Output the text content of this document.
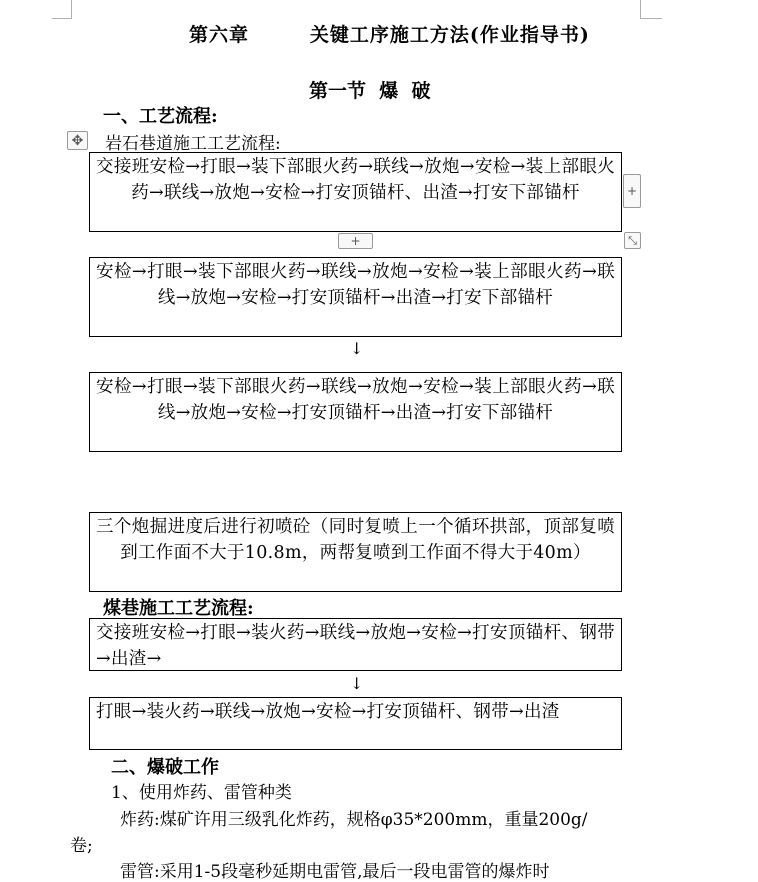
第六章        关键工序施工方法(作业指导书)
第一节  爆  破
一、工艺流程:
✥ 岩石巷道施工工艺流程:
交接班安检→打眼→装下部眼火药→联线→放炮→安检→装上部眼火药→联线→放炮→安检→打安顶锚杆、出渣→打安下部锚杆	+
+	⤡
安检→打眼→装下部眼火药→联线→放炮→安检→装上部眼火药→联线→放炮→安检→打安顶锚杆→出渣→打安下部锚杆
↓
安检→打眼→装下部眼火药→联线→放炮→安检→装上部眼火药→联线→放炮→安检→打安顶锚杆→出渣→打安下部锚杆
三个炮掘进度后进行初喷砼（同时复喷上一个循环拱部，顶部复喷到工作面不大于10.8m，两帮复喷到工作面不得大于40m）
煤巷施工工艺流程:
交接班安检→打眼→装火药→联线→放炮→安检→打安顶锚杆、钢带→出渣→
↓
打眼→装火药→联线→放炮→安检→打安顶锚杆、钢带→出渣
二、爆破工作
1、使用炸药、雷管种类
炸药:煤矿许用三级乳化炸药，规格φ35*200mm，重量200g/
卷;
雷管:采用1-5段毫秒延期电雷管,最后一段电雷管的爆炸时
